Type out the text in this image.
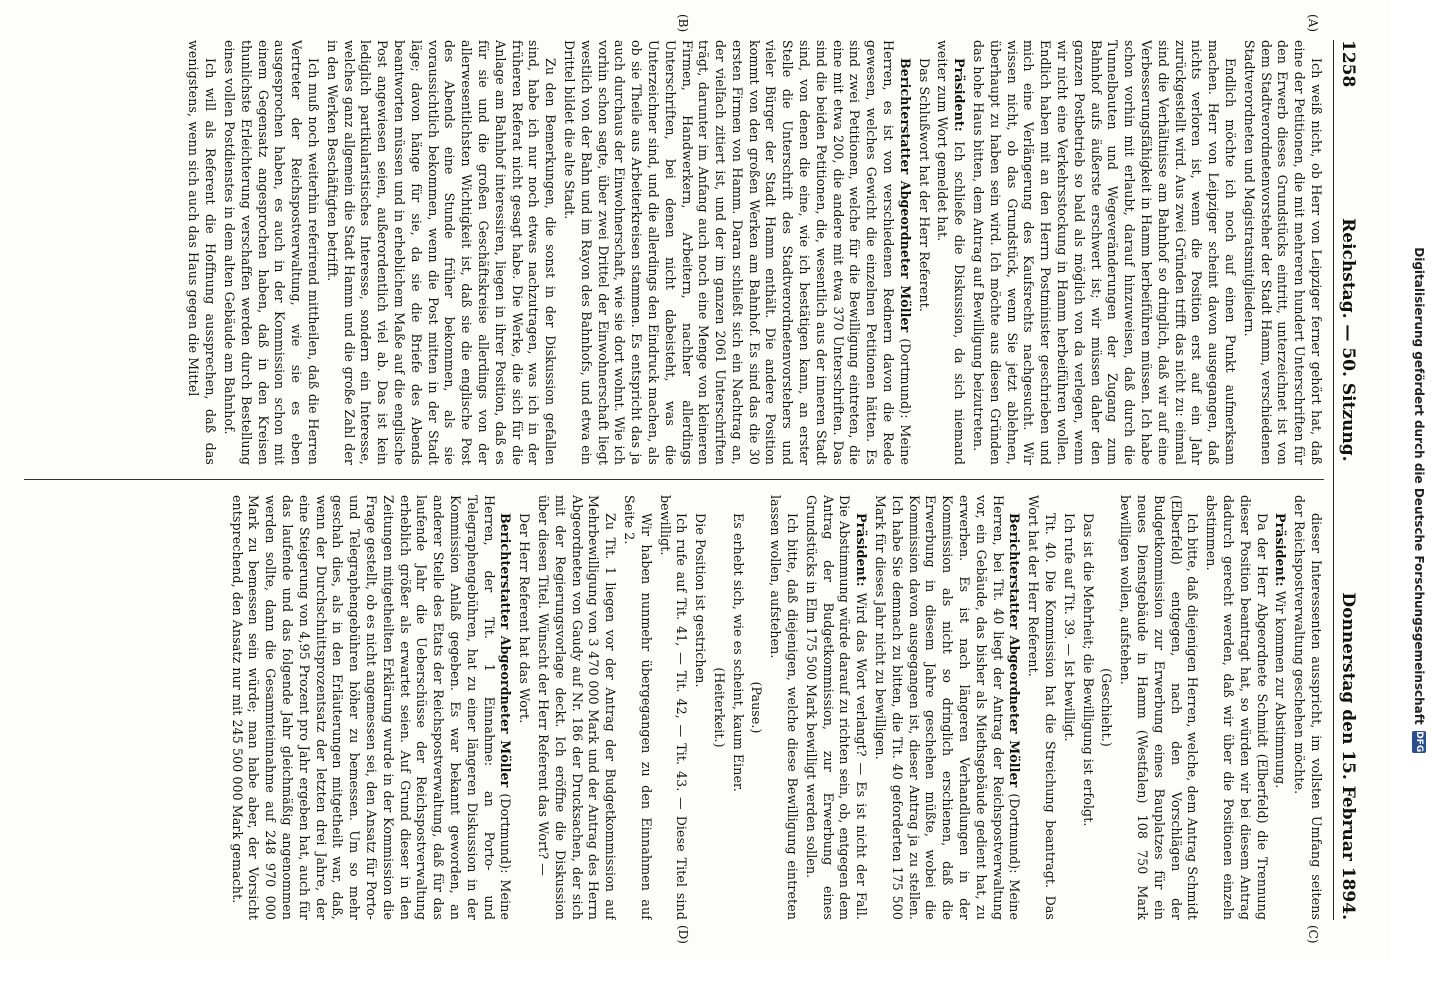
1258
Reichstag. — 50. Sitzung.
Donnerstag den 15. Februar 1894.
(A)
(B)
(C)
(D)

Ich weiß nicht, ob Herr von Leipziger ferner gehört hat, daß eine der Petitionen, die mit mehreren hundert Unterschriften für den Erwerb dieses Grundstücks eintritt, unterzeichnet ist von dem Stadtverordnetenvorsteher der Stadt Hamm, verschiedenen Stadtverordneten und Magistratsmitgliedern.

Endlich möchte ich noch auf einen Punkt aufmerksam machen. Herr von Leipziger scheint davon ausgegangen, daß nichts verloren ist, wenn die Position erst auf ein Jahr zurückgestellt wird. Aus zwei Gründen trifft das nicht zu: einmal sind die Verhältnisse am Bahnhof so dringlich, daß wir auf eine Verbesserungsfähigkeit in Hamm herbeiführen müssen. Ich habe schon vorhin mit erlaubt, darauf hinzuweisen, daß durch die Tunnelbauten und Wegeveränderungen der Zugang zum Bahnhof aufs äußerste erschwert ist; wir müssen daher den ganzen Postbetrieb so bald als möglich von da verlegen, wenn wir nicht eine Verkehrsstockung in Hamm herbeiführen wollen. Endlich haben mit an den Herrn Postminister geschrieben und mich eine Verlängerung des Kaufsrechts nachgesucht. Wir wissen nicht, ob das Grundstück, wenn Sie jetzt ablehnen, überhaupt zu haben sein wird. Ich möchte aus diesen Gründen das hohe Haus bitten, dem Antrag auf Bewilligung beizutreten.

Präsident: Ich schließe die Diskussion, da sich niemand weiter zum Wort gemeldet hat.

Das Schlußwort hat der Herr Referent.

Berichterstatter Abgeordneter Möller (Dortmund): Meine Herren, es ist von verschiedenen Rednern davon die Rede gewesen, welches Gewicht die einzelnen Petitionen hätten. Es sind zwei Petitionen, welche für die Bewilligung eintreten, die eine mit etwa 200, die andere mit etwa 370 Unterschriften. Das sind die beiden Petitionen, die, wesentlich aus der inneren Stadt sind, von denen die eine, wie ich bestätigen kann, an erster Stelle die Unterschrift des Stadtverordnetenvorstehers und vieler Bürger der Stadt Hamm enthält. Die andere Position kommt von den großen Werken am Bahnhof. Es sind das die 30 ersten Firmen von Hamm. Daran schließt sich ein Nachtrag an, der vielfach zitiert ist, und der im ganzen 2061 Unterschriften trägt, darunter im Anfang auch noch eine Menge von kleineren Firmen, Handwerkern, Arbeitern, nachher allerdings Unterschriften, bei denen nicht dabeisteht, was die Unterzeichner sind, und die allerdings den Eindruck machen, als ob sie Theile aus Arbeiterkreisen stammen. Es entspricht das ja auch durchaus der Einwohnerschaft, wie sie dort wohnt. Wie ich vorhin schon sagte, über zwei Drittel der Einwohnerschaft liegt westlich von der Bahn und im Rayon des Bahnhofs, und etwa ein Drittel bildet die alte Stadt.

Zu den Bemerkungen, die sonst in der Diskussion gefallen sind, habe ich nur noch etwas nachzutragen, was ich in der früheren Referat nicht gesagt habe. Die Werke, die sich für die Anlage am Bahnhof interessiren, liegen in ihrer Position, daß es für sie und die großen Geschäftskreise allerdings von der allerwesentlichsten Wichtigkeit ist, daß sie die englische Post des Abends eine Stunde früher bekommen, als sie voraussichtlich bekommen, wenn die Post mitten in der Stadt läge; davon hänge für sie, da sie die Briefe des Abends beantworten müssen und in erheblichem Maße auf die englische Post angewiesen seien, außerordentlich viel ab. Das ist kein lediglich partikularistisches Interesse, sondern ein Interesse, welches ganz allgemein die Stadt Hamm und die große Zahl der in den Werken Beschäftigten betrifft.

Ich muß noch weiterhin referirend mittheilen, daß die Herren Vertreter der Reichspostverwaltung, wie sie es eben ausgesprochen haben, es auch in der Kommission schon mit einem Gegensatz angesprochen haben, daß in den Kreisen thunlichste Erleichterung verschaffen werden durch Bestellung eines vollen Postdienstes in dem alten Gebäude am Bahnhof.

Ich will als Referent die Hoffnung aussprechen, daß das wenigstens, wenn sich auch das Haus gegen die Mittel

dieser Interessenten ausspricht, im vollsten Umfang seitens der Reichspostverwaltung geschehen möchte.

Präsident: Wir kommen zur Abstimmung.

Da der Herr Abgeordnete Schmidt (Elberfeld) die Trennung dieser Position beantragt hat, so würden wir bei diesem Antrag dadurch gerecht werden, daß wir über die Positionen einzeln abstimmen.

Ich bitte, daß diejenigen Herren, welche, dem Antrag Schmidt (Elberfeld) entgegen, nach den Vorschlägen der Budgetkommission zur Erwerbung eines Bauplatzes für ein neues Dienstgebäude in Hamm (Westfalen) 108 750 Mark bewilligen wollen, aufstehen.

(Geschieht.)

Das ist die Mehrheit; die Bewilligung ist erfolgt.

Ich rufe auf Tit. 39. — Ist bewilligt.

Tit. 40. Die Kommission hat die Streichung beantragt. Das Wort hat der Herr Referent.

Berichterstatter Abgeordneter Möller (Dortmund): Meine Herren, bei Tit. 40 liegt der Antrag der Reichspostverwaltung vor, ein Gebäude, das bisher als Miethsgebäude gedient hat, zu erwerben. Es ist nach längeren Verhandlungen in der Kommission als nicht so dringlich erschienen, daß die Erwerbung in diesem Jahre geschehen müßte, wobei die Kommission davon ausgegangen ist, dieser Antrag ja zu stellen. Ich habe Sie demnach zu bitten, die Tit. 40 geforderten 175 500 Mark für dieses Jahr nicht zu bewilligen.

Präsident: Wird das Wort verlangt? — Es ist nicht der Fall. Die Abstimmung würde darauf zu richten sein, ob, entgegen dem Antrag der Budgetkommission, zur Erwerbung eines Grundstücks in Elm 175 500 Mark bewilligt werden sollen.

Ich bitte, daß diejenigen, welche diese Bewilligung eintreten lassen wollen, aufstehen.

(Pause.)

Es erhebt sich, wie es scheint, kaum Einer.

(Heiterkeit.)

Die Position ist gestrichen.

Ich rufe auf Tit. 41, — Tit. 42, — Tit. 43. — Diese Titel sind bewilligt.

Wir haben nunmehr übergegangen zu den Einnahmen auf Seite 2.

Zu Tit. 1 liegen vor der Antrag der Budgetkommission auf Mehrbewilligung von 3 470 000 Mark und der Antrag des Herrn Abgeordneten von Gaudy auf Nr. 186 der Drucksachen, der sich mit der Regierungsvorlage deckt. Ich eröffne die Diskussion über diesen Titel. Wünscht der Herr Referent das Wort? —

Der Herr Referent hat das Wort.

Berichterstatter Abgeordneter Möller (Dortmund): Meine Herren, der Tit. 1 Einnahme: an Porto- und Telegraphengebühren, hat zu einer längeren Diskussion in der Kommission Anlaß gegeben. Es war bekannt geworden, an anderer Stelle des Etats der Reichspostverwaltung, daß für das laufende Jahr die Ueberschüsse der Reichspostverwaltung erheblich größer als erwartet seien. Auf Grund dieser in den Zeitungen mitgetheilten Erklärung wurde in der Kommission die Frage gestellt, ob es nicht angemessen sei, den Ansatz für Porto- und Telegraphengebühren höher zu bemessen. Um so mehr geschah dies, als in den Erläuterungen mitgetheilt war, daß, wenn der Durchschnittsprozentsatz der letzten drei Jahre, der eine Steigerung von 4,95 Prozent pro Jahr ergeben hat, auch für das laufende und das folgende Jahr gleichmäßig angenommen werden sollte, dann die Gesammteinnahme auf 248 970 000 Mark zu bemessen sein würde; man habe aber, der Vorsicht entsprechend, den Ansatz nur mit 245 500 000 Mark gemacht.	Digitalisierung gefördert durch die Deutsche Forschungsgemeinschaft
DFG
